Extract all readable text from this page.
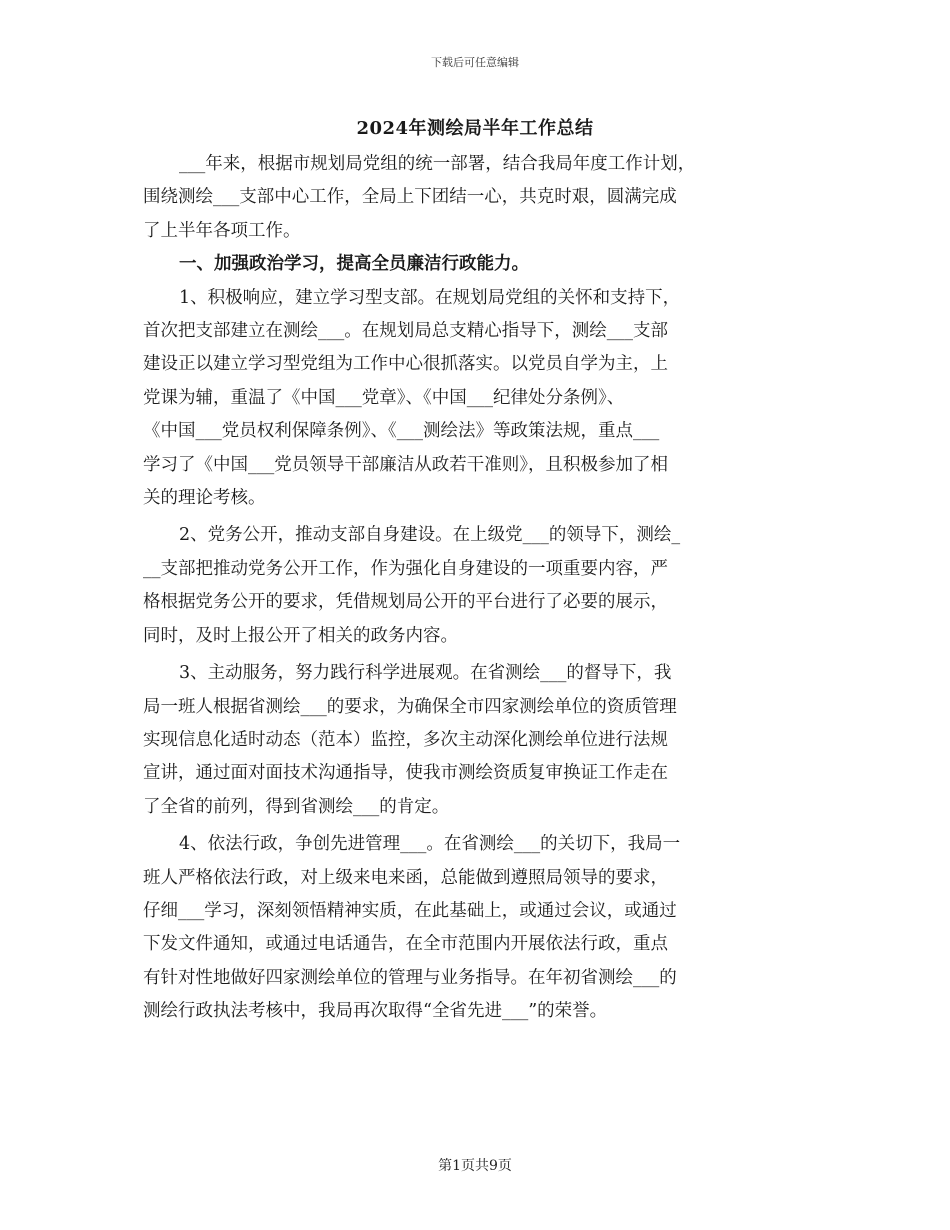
下载后可任意编辑
2024年测绘局半年工作总结
___年来，根据市规划局党组的统一部署，结合我局年度工作计划，
围绕测绘___支部中心工作，全局上下团结一心，共克时艰，圆满完成
了上半年各项工作。
一、加强政治学习，提高全员廉洁行政能力。
1、积极响应，建立学习型支部。在规划局党组的关怀和支持下，
首次把支部建立在测绘___。在规划局总支精心指导下，测绘___支部
建设正以建立学习型党组为工作中心很抓落实。以党员自学为主，上
党课为辅，重温了《中国___党章》、《中国___纪律处分条例》、
《中国___党员权利保障条例》、《___测绘法》等政策法规，重点___
学习了《中国___党员领导干部廉洁从政若干准则》，且积极参加了相
关的理论考核。
2、党务公开，推动支部自身建设。在上级党___的领导下，测绘_
__支部把推动党务公开工作，作为强化自身建设的一项重要内容，严
格根据党务公开的要求，凭借规划局公开的平台进行了必要的展示，
同时，及时上报公开了相关的政务内容。
3、主动服务，努力践行科学进展观。在省测绘___的督导下，我
局一班人根据省测绘___的要求，为确保全市四家测绘单位的资质管理
实现信息化适时动态（范本）监控，多次主动深化测绘单位进行法规
宣讲，通过面对面技术沟通指导，使我市测绘资质复审换证工作走在
了全省的前列，得到省测绘___的肯定。
4、依法行政，争创先进管理___。在省测绘___的关切下，我局一
班人严格依法行政，对上级来电来函，总能做到遵照局领导的要求，
仔细___学习，深刻领悟精神实质，在此基础上，或通过会议，或通过
下发文件通知，或通过电话通告，在全市范围内开展依法行政，重点
有针对性地做好四家测绘单位的管理与业务指导。在年初省测绘___的
测绘行政执法考核中，我局再次取得“全省先进___”的荣誉。
第1页共9页
